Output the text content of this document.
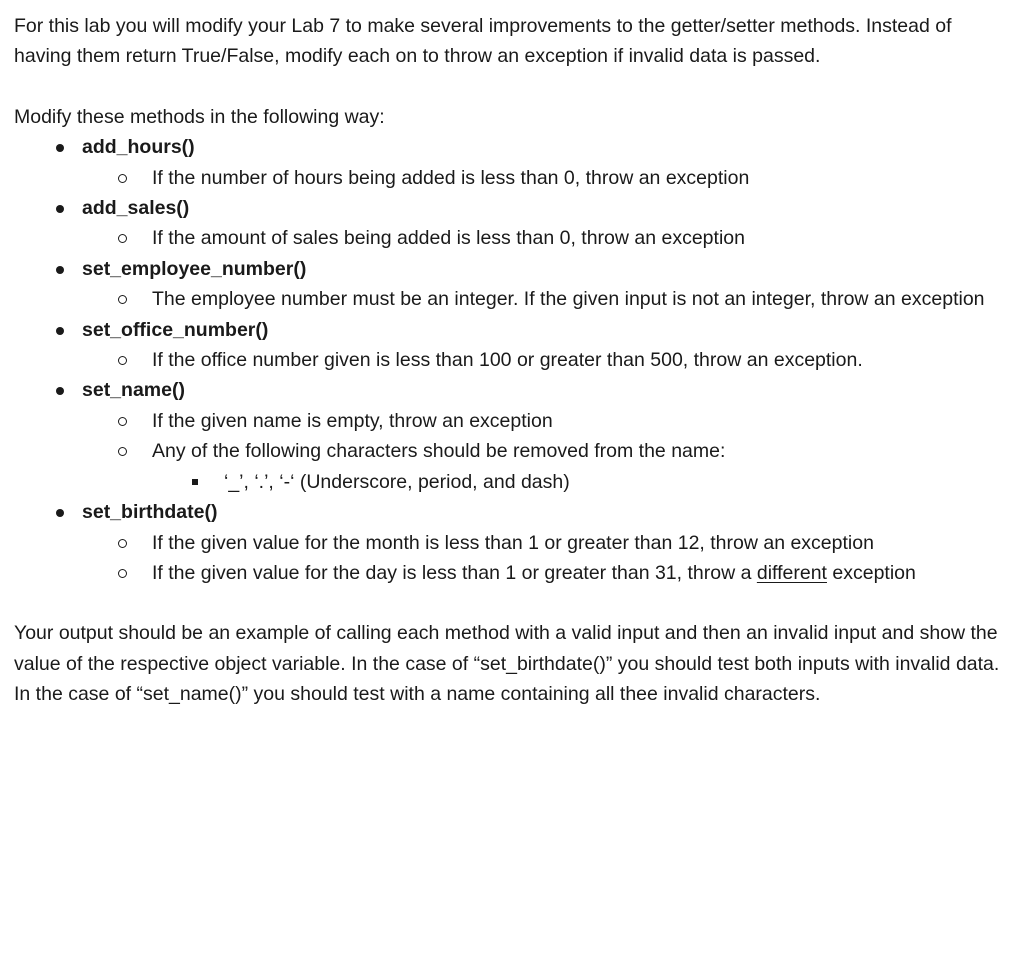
For this lab you will modify your Lab 7 to make several improvements to the getter/setter methods. Instead of having them return True/False, modify each on to throw an exception if invalid data is passed.

Modify these methods in the following way:

add_hours()
If the number of hours being added is less than 0, throw an exception
add_sales()
If the amount of sales being added is less than 0, throw an exception
set_employee_number()
The employee number must be an integer. If the given input is not an integer, throw an exception
set_office_number()
If the office number given is less than 100 or greater than 500, throw an exception.
set_name()
If the given name is empty, throw an exception
Any of the following characters should be removed from the name:
‘_’, ‘.’, ‘-‘ (Underscore, period, and dash)
set_birthdate()
If the given value for the month is less than 1 or greater than 12, throw an exception
If the given value for the day is less than 1 or greater than 31, throw a different exception

Your output should be an example of calling each method with a valid input and then an invalid input and show the value of the respective object variable. In the case of “set_birthdate()” you should test both inputs with invalid data. In the case of “set_name()” you should test with a name containing all thee invalid characters.
